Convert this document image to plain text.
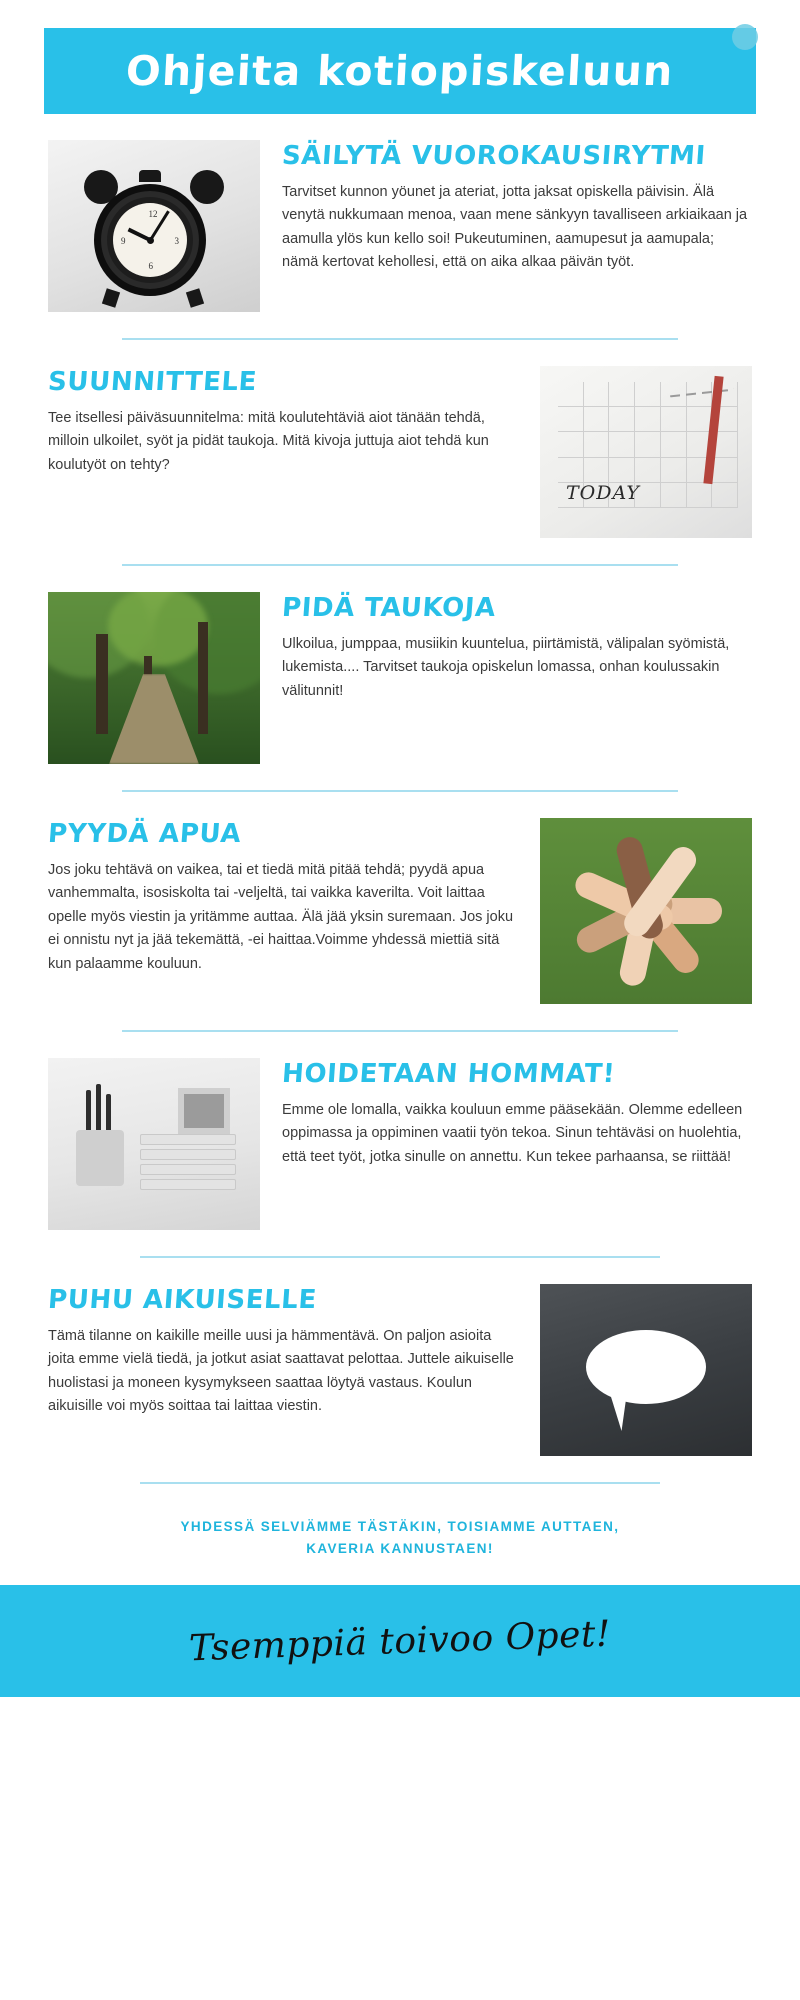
Ohjeita kotiopiskeluun
12
3
6
9
SÄILYTÄ VUOROKAUSIRYTMI
Tarvitset kunnon yöunet ja ateriat, jotta jaksat opiskella päivisin. Älä venytä nukkumaan menoa, vaan mene sänkyyn tavalliseen arkiaikaan ja aamulla ylös kun kello soi! Pukeutuminen, aamupesut ja aamupala; nämä kertovat kehollesi, että on aika alkaa päivän työt.
TODAY
SUUNNITTELE
Tee itsellesi päiväsuunnitelma: mitä koulutehtäviä aiot tänään tehdä, milloin ulkoilet, syöt ja pidät taukoja. Mitä kivoja juttuja aiot tehdä kun koulutyöt on tehty?
PIDÄ TAUKOJA
Ulkoilua, jumppaa, musiikin kuuntelua, piirtämistä, välipalan syömistä, lukemista.... Tarvitset taukoja opiskelun lomassa, onhan koulussakin välitunnit!
PYYDÄ APUA
Jos joku tehtävä on vaikea, tai et tiedä mitä pitää tehdä; pyydä apua vanhemmalta, isosiskolta tai -veljeltä, tai vaikka kaverilta. Voit laittaa opelle myös viestin ja yritämme auttaa. Älä jää yksin suremaan. Jos joku ei onnistu nyt ja jää tekemättä, -ei haittaa.Voimme yhdessä miettiä sitä kun palaamme kouluun.
HOIDETAAN HOMMAT!
Emme ole lomalla, vaikka kouluun emme pääsekään. Olemme edelleen oppimassa ja oppiminen vaatii työn tekoa. Sinun tehtäväsi on huolehtia, että teet työt, jotka sinulle on annettu. Kun tekee parhaansa, se riittää!
PUHU AIKUISELLE
Tämä tilanne on kaikille meille uusi ja hämmentävä. On paljon asioita joita emme vielä tiedä, ja jotkut asiat saattavat pelottaa. Juttele aikuiselle huolistasi ja moneen kysymykseen saattaa löytyä vastaus. Koulun aikuisille voi myös soittaa tai laittaa viestin.
YHDESSÄ SELVIÄMME TÄSTÄKIN, TOISIAMME AUTTAEN,
KAVERIA KANNUSTAEN!
Tsemppiä toivoo Opet!
